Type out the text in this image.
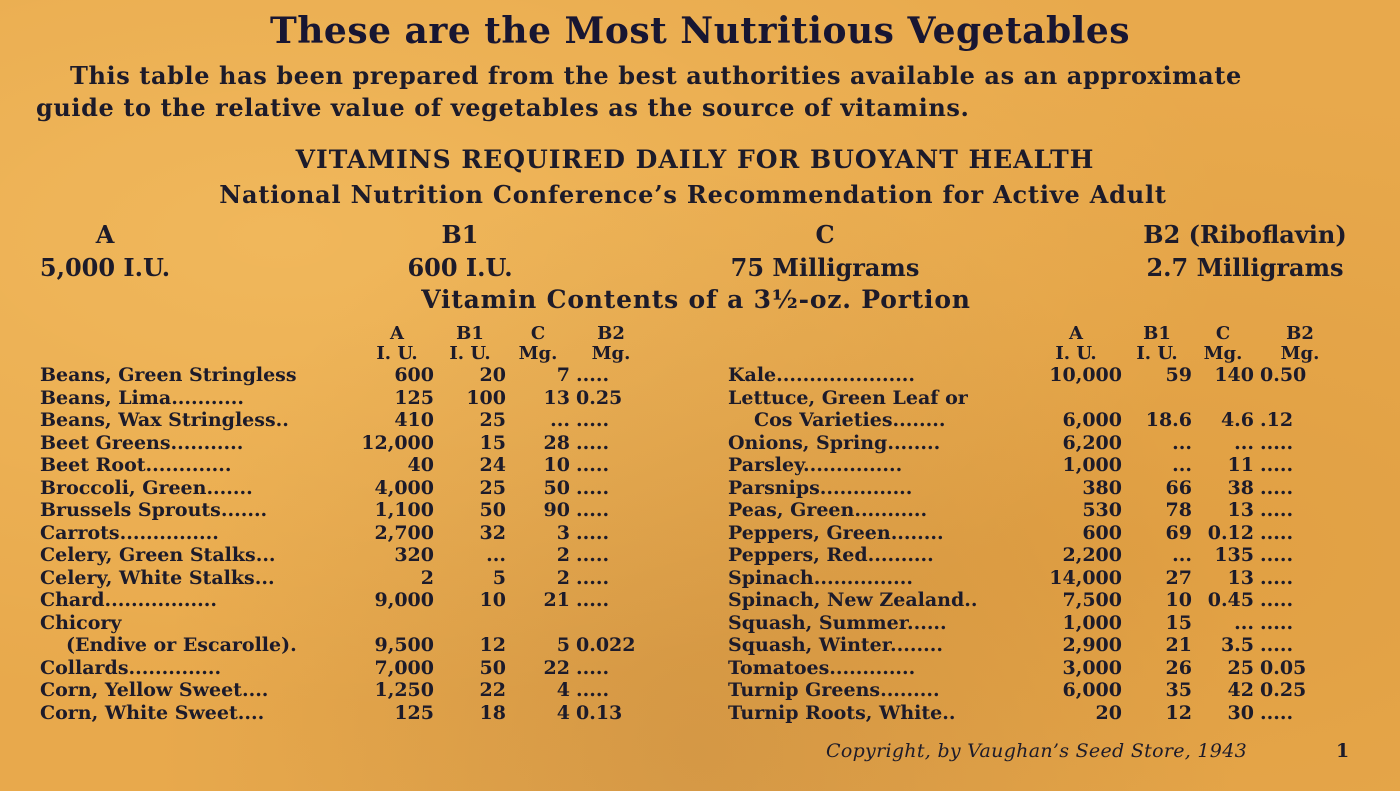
These are the Most Nutritious Vegetables
This table has been prepared from the best authorities available as an approximate
guide to the relative value of vegetables as the source of vitamins.
VITAMINS REQUIRED DAILY FOR BUOYANT HEALTH
National Nutrition Conference’s Recommendation for Active Adult
A
5,000 I.U.
B1
600 I.U.
C
75 Milligrams
B2 (Riboflavin)
2.7 Milligrams
Vitamin Contents of a 3½-oz. Portion
	A	B1	C	B2
	I. U.	I. U.	Mg.	Mg.
Beans, Green Stringless	600	20	7	.....
Beans, Lima...........	125	100	13	0.25
Beans, Wax Stringless..	410	25	...	.....
Beet Greens...........	12,000	15	28	.....
Beet Root.............	40	24	10	.....
Broccoli, Green.......	4,000	25	50	.....
Brussels Sprouts.......	1,100	50	90	.....
Carrots...............	2,700	32	3	.....
Celery, Green Stalks...	320	...	2	.....
Celery, White Stalks...	2	5	2	.....
Chard.................	9,000	10	21	.....
Chicory				
(Endive or Escarolle).	9,500	12	5	0.022
Collards..............	7,000	50	22	.....
Corn, Yellow Sweet....	1,250	22	4	.....
Corn, White Sweet....	125	18	4	0.13
	A	B1	C	B2
	I. U.	I. U.	Mg.	Mg.
Kale.....................	10,000	59	140	0.50
Lettuce, Green Leaf or				
Cos Varieties........	6,000	18.6	4.6	.12
Onions, Spring........	6,200	...	...	.....
Parsley...............	1,000	...	11	.....
Parsnips..............	380	66	38	.....
Peas, Green...........	530	78	13	.....
Peppers, Green........	600	69	0.12	.....
Peppers, Red..........	2,200	...	135	.....
Spinach...............	14,000	27	13	.....
Spinach, New Zealand..	7,500	10	0.45	.....
Squash, Summer......	1,000	15	...	.....
Squash, Winter........	2,900	21	3.5	.....
Tomatoes.............	3,000	26	25	0.05
Turnip Greens.........	6,000	35	42	0.25
Turnip Roots, White..	20	12	30	.....
Copyright, by Vaughan’s Seed Store, 1943	1
